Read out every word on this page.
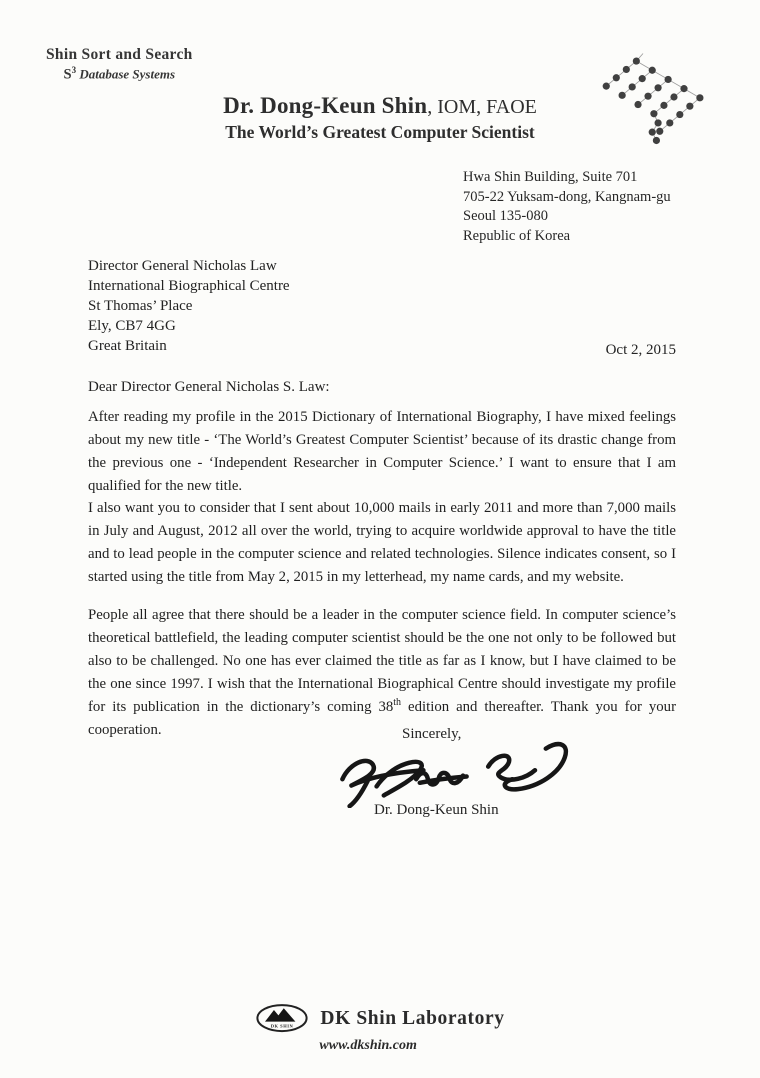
Shin Sort and Search
$S^3$ Database Systems
Dr. Dong-Keun Shin, IOM, FAOE
The World’s Greatest Computer Scientist
Hwa Shin Building, Suite 701
705-22 Yuksam-dong, Kangnam-gu
Seoul 135-080
Republic of Korea
Director General Nicholas Law
International Biographical Centre
St Thomas’ Place
Ely, CB7 4GG
Great Britain	Oct 2, 2015
Dear Director General Nicholas S. Law:
After reading my profile in the 2015 Dictionary of International Biography, I have mixed feelings about my new title - ‘The World’s Greatest Computer Scientist’ because of its drastic change from the previous one - ‘Independent Researcher in Computer Science.’ I want to ensure that I am qualified for the new title.
I also want you to consider that I sent about 10,000 mails in early 2011 and more than 7,000 mails in July and August, 2012 all over the world, trying to acquire worldwide approval to have the title and to lead people in the computer science and related technologies. Silence indicates consent, so I started using the title from May 2, 2015 in my letterhead, my name cards, and my website.
People all agree that there should be a leader in the computer science field. In computer science’s theoretical battlefield, the leading computer scientist should be the one not only to be followed but also to be challenged. No one has ever claimed the title as far as I know, but I have claimed to be the one since 1997. I wish that the International Biographical Centre should investigate my profile for its publication in the dictionary’s coming 38th edition and thereafter. Thank you for your cooperation.	Sincerely,
Dr. Dong-Keun Shin
DK SHIN DK Shin Laboratory
www.dkshin.com
